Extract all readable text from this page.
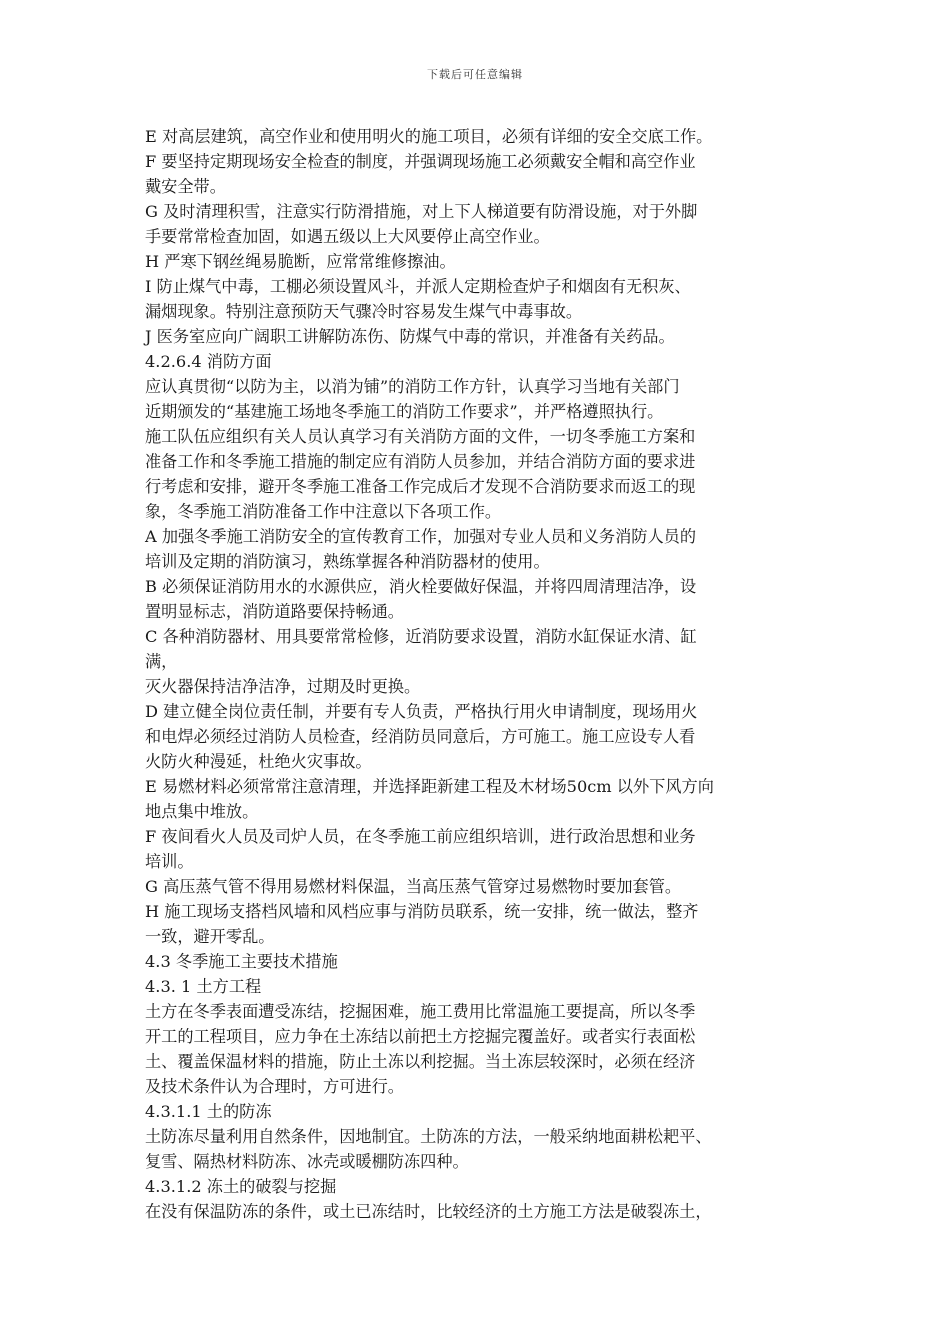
下载后可任意编辑
E 对高层建筑，高空作业和使用明火的施工项目，必须有详细的安全交底工作。
F 要坚持定期现场安全检查的制度，并强调现场施工必须戴安全帽和高空作业
戴安全带。
G 及时清理积雪，注意实行防滑措施，对上下人梯道要有防滑设施，对于外脚
手要常常检查加固，如遇五级以上大风要停止高空作业。
H 严寒下钢丝绳易脆断，应常常维修擦油。
I 防止煤气中毒，工棚必须设置风斗，并派人定期检查炉子和烟囱有无积灰、
漏烟现象。特别注意预防天气骤冷时容易发生煤气中毒事故。
J 医务室应向广阔职工讲解防冻伤、防煤气中毒的常识，并准备有关药品。
4.2.6.4 消防方面
应认真贯彻“以防为主，以消为铺”的消防工作方针，认真学习当地有关部门
近期颁发的“基建施工场地冬季施工的消防工作要求”，并严格遵照执行。
施工队伍应组织有关人员认真学习有关消防方面的文件，一切冬季施工方案和
准备工作和冬季施工措施的制定应有消防人员参加，并结合消防方面的要求进
行考虑和安排，避开冬季施工准备工作完成后才发现不合消防要求而返工的现
象，冬季施工消防准备工作中注意以下各项工作。
A 加强冬季施工消防安全的宣传教育工作，加强对专业人员和义务消防人员的
培训及定期的消防演习，熟练掌握各种消防器材的使用。
B 必须保证消防用水的水源供应，消火栓要做好保温，并将四周清理洁净，设
置明显标志，消防道路要保持畅通。
C 各种消防器材、用具要常常检修，近消防要求设置，消防水缸保证水清、缸
满，
灭火器保持洁净洁净，过期及时更换。
D 建立健全岗位责任制，并要有专人负责，严格执行用火申请制度，现场用火
和电焊必须经过消防人员检查，经消防员同意后，方可施工。施工应设专人看
火防火种漫延，杜绝火灾事故。
E 易燃材料必须常常注意清理，并选择距新建工程及木材场50cm 以外下风方向
地点集中堆放。
F 夜间看火人员及司炉人员，在冬季施工前应组织培训，进行政治思想和业务
培训。
G 高压蒸气管不得用易燃材料保温，当高压蒸气管穿过易燃物时要加套管。
H 施工现场支搭档风墙和风档应事与消防员联系，统一安排，统一做法，整齐
一致，避开零乱。
4.3 冬季施工主要技术措施
4.3. 1 土方工程
土方在冬季表面遭受冻结，挖掘困难，施工费用比常温施工要提高，所以冬季
开工的工程项目，应力争在土冻结以前把土方挖掘完覆盖好。或者实行表面松
土、覆盖保温材料的措施，防止土冻以利挖掘。当土冻层较深时，必须在经济
及技术条件认为合理时，方可进行。
4.3.1.1 土的防冻
土防冻尽量利用自然条件，因地制宜。土防冻的方法，一般采纳地面耕松耙平、
复雪、隔热材料防冻、冰壳或暖棚防冻四种。
4.3.1.2 冻土的破裂与挖掘
在没有保温防冻的条件，或土已冻结时，比较经济的土方施工方法是破裂冻土，
